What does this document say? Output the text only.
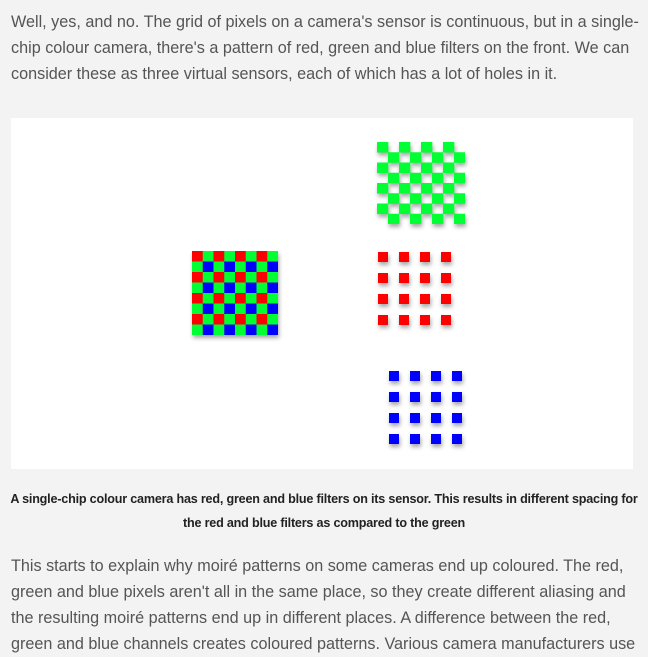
Well, yes, and no. The grid of pixels on a camera's sensor is continuous, but in a single-chip colour camera, there's a pattern of red, green and blue filters on the front. We can consider these as three virtual sensors, each of which has a lot of holes in it.

A single-chip colour camera has red, green and blue filters on its sensor. This results in different spacing for
the red and blue filters as compared to the green

This starts to explain why moiré patterns on some cameras end up coloured. The red, green and blue pixels aren't all in the same place, so they create different aliasing and the resulting moiré patterns end up in different places. A difference between the red, green and blue channels creates coloured patterns. Various camera manufacturers use
